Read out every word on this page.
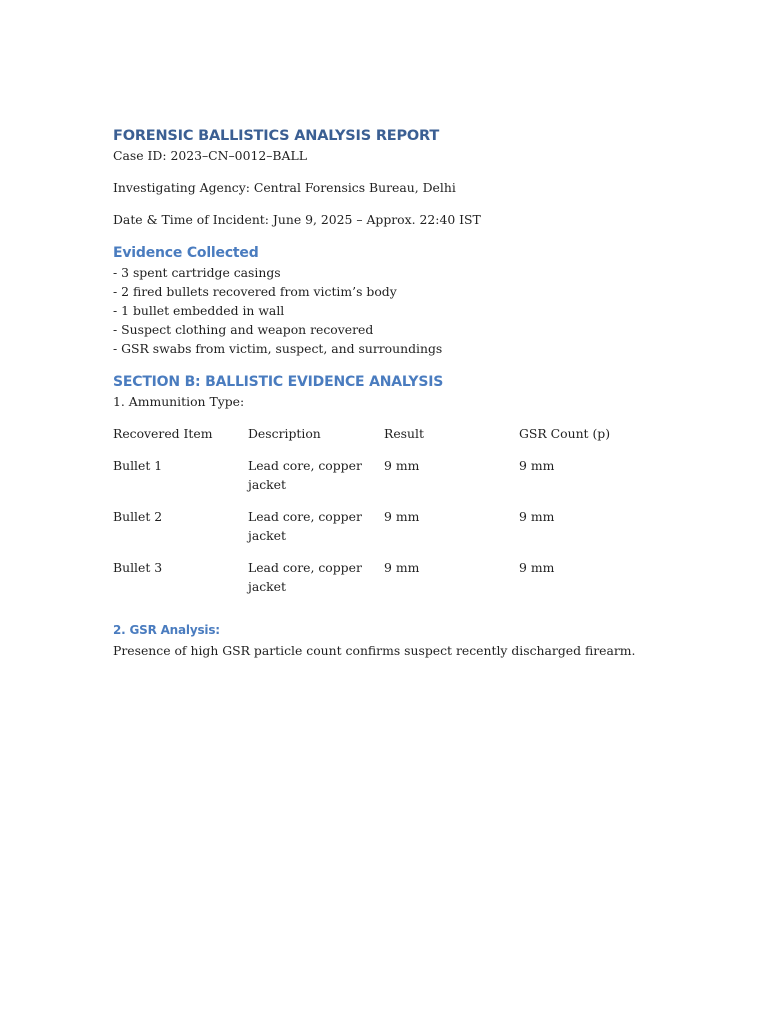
FORENSIC BALLISTICS ANALYSIS REPORT

Case ID: 2023–CN–0012–BALL

Investigating Agency: Central Forensics Bureau, Delhi

Date & Time of Incident: June 9, 2025 – Approx. 22:40 IST

Evidence Collected

- 3 spent cartridge casings

- 2 fired bullets recovered from victim’s body

- 1 bullet embedded in wall

- Suspect clothing and weapon recovered

- GSR swabs from victim, suspect, and surroundings

SECTION B: BALLISTIC EVIDENCE ANALYSIS

1. Ammunition Type:

Recovered Item	Description	Result	GSR Count (p)

Bullet 1	Lead core, copper jacket	9 mm	9 mm

Bullet 2	Lead core, copper jacket	9 mm	9 mm

Bullet 3	Lead core, copper jacket	9 mm	9 mm
2. GSR Analysis:

Presence of high GSR particle count confirms suspect recently discharged firearm.
